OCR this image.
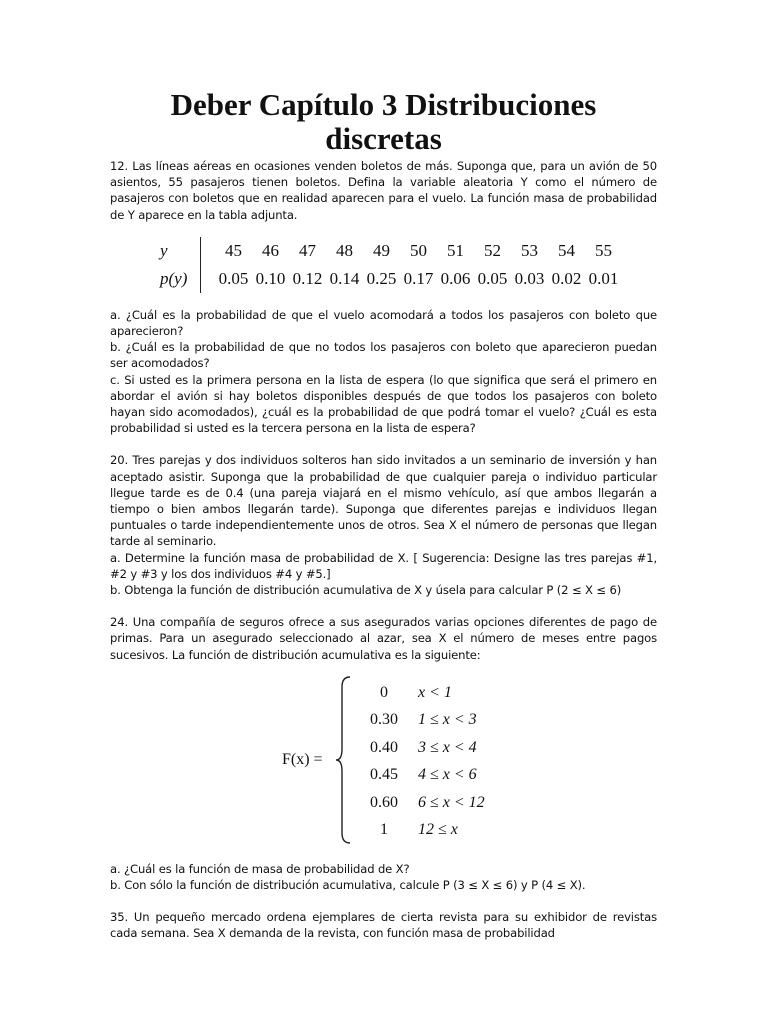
Deber Capítulo 3 Distribuciones discretas

12. Las líneas aéreas en ocasiones venden boletos de más. Suponga que, para un avión de 50 asientos, 55 pasajeros tienen boletos. Defina la variable aleatoria Y como el número de pasajeros con boletos que en realidad aparecen para el vuelo. La función masa de probabilidad de Y aparece en la tabla adjunta.

y		45	46	47	48	49	50	51	52	53	54	55
p(y)		0.05	0.10	0.12	0.14	0.25	0.17	0.06	0.05	0.03	0.02	0.01

a. ¿Cuál es la probabilidad de que el vuelo acomodará a todos los pasajeros con boleto que aparecieron?

b. ¿Cuál es la probabilidad de que no todos los pasajeros con boleto que aparecieron puedan ser acomodados?

c. Si usted es la primera persona en la lista de espera (lo que significa que será el primero en abordar el avión si hay boletos disponibles después de que todos los pasajeros con boleto hayan sido acomodados), ¿cuál es la probabilidad de que podrá tomar el vuelo? ¿Cuál es esta probabilidad si usted es la tercera persona en la lista de espera?

20. Tres parejas y dos individuos solteros han sido invitados a un seminario de inversión y han aceptado asistir. Suponga que la probabilidad de que cualquier pareja o individuo particular llegue tarde es de 0.4 (una pareja viajará en el mismo vehículo, así que ambos llegarán a tiempo o bien ambos llegarán tarde). Suponga que diferentes parejas e individuos llegan puntuales o tarde independientemente unos de otros. Sea X el número de personas que llegan tarde al seminario.

a. Determine la función masa de probabilidad de X. [ Sugerencia: Designe las tres parejas #1, #2 y #3 y los dos individuos #4 y #5.]

b. Obtenga la función de distribución acumulativa de X y úsela para calcular P (2 ≤ X ≤ 6)

24. Una compañía de seguros ofrece a sus asegurados varias opciones diferentes de pago de primas. Para un asegurado seleccionado al azar, sea X el número de meses entre pagos sucesivos. La función de distribución acumulativa es la siguiente:

F(x) =
0 x < 1
0.30 1 ≤ x < 3
0.40 3 ≤ x < 4
0.45 4 ≤ x < 6
0.60 6 ≤ x < 12
1 12 ≤ x

a. ¿Cuál es la función de masa de probabilidad de X?

b. Con sólo la función de distribución acumulativa, calcule P (3 ≤ X ≤ 6) y P (4 ≤ X).

35. Un pequeño mercado ordena ejemplares de cierta revista para su exhibidor de revistas cada semana. Sea X demanda de la revista, con función masa de probabilidad
